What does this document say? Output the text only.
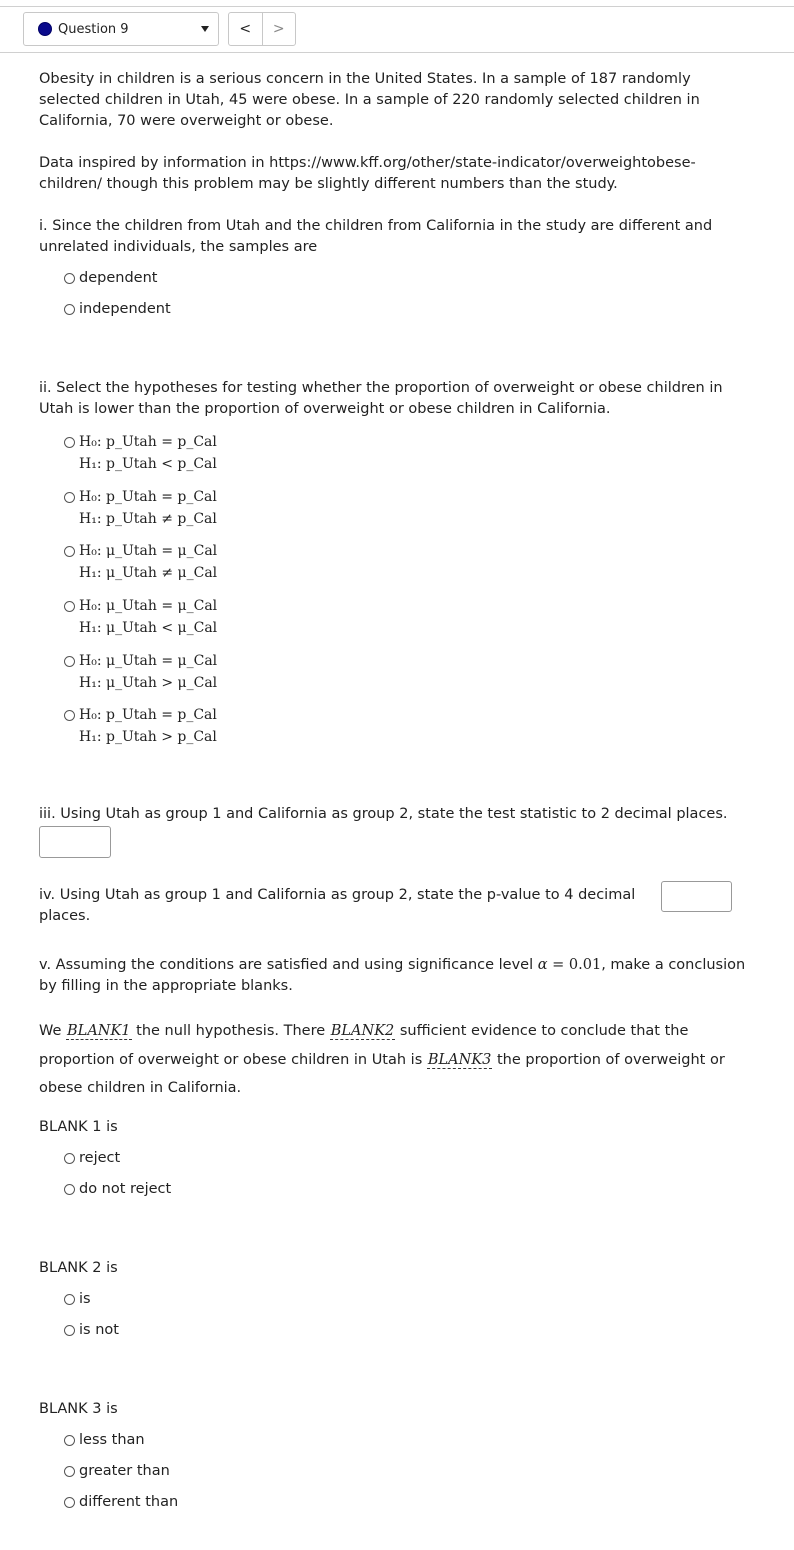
Question 9	<	>
Obesity in children is a serious concern in the United States. In a sample of 187 randomly selected children in Utah, 45 were obese. In a sample of 220 randomly selected children in California, 70 were overweight or obese.
Data inspired by information in https://www.kff.org/other/state-indicator/overweightobese-children/ though this problem may be slightly different numbers than the study.
i. Since the children from Utah and the children from California in the study are different and unrelated individuals, the samples are
dependent
independent
ii. Select the hypotheses for testing whether the proportion of overweight or obese children in Utah is lower than the proportion of overweight or obese children in California.
H₀: p_Utah = p_Cal
H₁: p_Utah < p_Cal
H₀: p_Utah = p_Cal
H₁: p_Utah ≠ p_Cal
H₀: μ_Utah = μ_Cal
H₁: μ_Utah ≠ μ_Cal
H₀: μ_Utah = μ_Cal
H₁: μ_Utah < μ_Cal
H₀: μ_Utah = μ_Cal
H₁: μ_Utah > μ_Cal
H₀: p_Utah = p_Cal
H₁: p_Utah > p_Cal
iii. Using Utah as group 1 and California as group 2, state the test statistic to 2 decimal places.
iv. Using Utah as group 1 and California as group 2, state the p-value to 4 decimal places.
v. Assuming the conditions are satisfied and using significance level α = 0.01, make a conclusion by filling in the appropriate blanks.
We BLANK1 the null hypothesis. There BLANK2 sufficient evidence to conclude that the proportion of overweight or obese children in Utah is BLANK3 the proportion of overweight or obese children in California.
BLANK 1 is
reject
do not reject
BLANK 2 is
is
is not
BLANK 3 is
less than
greater than
different than
